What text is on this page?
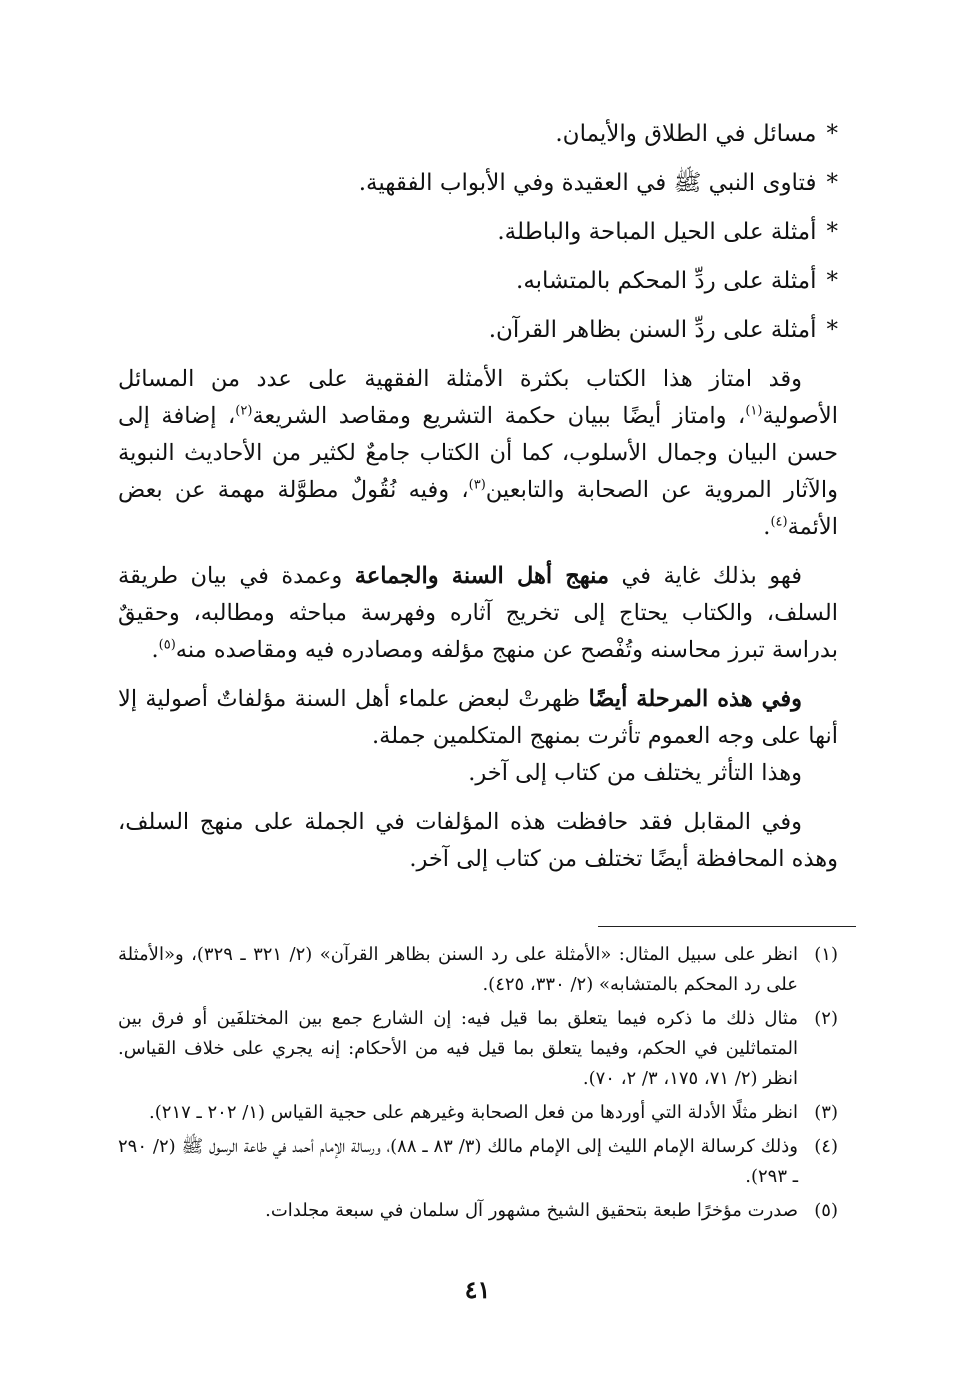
*مسائل في الطلاق والأيمان.
*فتاوى النبي ﷺ في العقيدة وفي الأبواب الفقهية.
*أمثلة على الحيل المباحة والباطلة.
*أمثلة على ردِّ المحكم بالمتشابه.
*أمثلة على ردِّ السنن بظاهر القرآن.

وقد امتاز هذا الكتاب بكثرة الأمثلة الفقهية على عدد من المسائل الأصولية$^{(١)}$، وامتاز أيضًا ببيان حكمة التشريع ومقاصد الشريعة$^{(٢)}$، إضافة إلى حسن البيان وجمال الأسلوب، كما أن الكتاب جامعٌ لكثير من الأحاديث النبوية والآثار المروية عن الصحابة والتابعين$^{(٣)}$، وفيه نُقُولٌ مطوَّلة مهمة عن بعض الأئمة$^{(٤)}$.

فهو بذلك غاية في منهج أهل السنة والجماعة وعمدة في بيان طريقة السلف، والكتاب يحتاج إلى تخريج آثاره وفهرسة مباحثه ومطالبه، وحقيقٌ بدراسة تبرز محاسنه وتُفْصح عن منهج مؤلفه ومصادره فيه ومقاصده منه$^{(٥)}$.

وفي هذه المرحلة أيضًا ظهرتْ لبعض علماء أهل السنة مؤلفاتٌ أصولية إلا أنها على وجه العموم تأثرت بمنهج المتكلمين جملة.

وهذا التأثر يختلف من كتاب إلى آخر.

وفي المقابل فقد حافظت هذه المؤلفات في الجملة على منهج السلف، وهذه المحافظة أيضًا تختلف من كتاب إلى آخر.

(١)
انظر على سبيل المثال: «الأمثلة على رد السنن بظاهر القرآن» (٢/ ٣٢١ ـ ٣٢٩)، و«الأمثلة على رد المحكم بالمتشابه» (٢/ ٣٣٠، ٤٢٥).
(٢)
مثال ذلك ما ذكره فيما يتعلق بما قيل فيه: إن الشارع جمع بين المختلفَين أو فرق بين المتماثلين في الحكم، وفيما يتعلق بما قيل فيه من الأحكام: إنه يجري على خلاف القياس. انظر (٢/ ٧١، ١٧٥، ٣/ ٢، ٧٠).
(٣)
انظر مثلًا الأدلة التي أوردها من فعل الصحابة وغيرهم على حجية القياس (١/ ٢٠٢ ـ ٢١٧).
(٤)
وذلك كرسالة الإمام الليث إلى الإمام مالك (٣/ ٨٣ ـ ٨٨)، ورسالة الإمام أحمد في طاعة الرسول ﷺ (٢/ ٢٩٠ ـ ٢٩٣).
(٥)
صدرت مؤخرًا طبعة بتحقيق الشيخ مشهور آل سلمان في سبعة مجلدات.
٤١
